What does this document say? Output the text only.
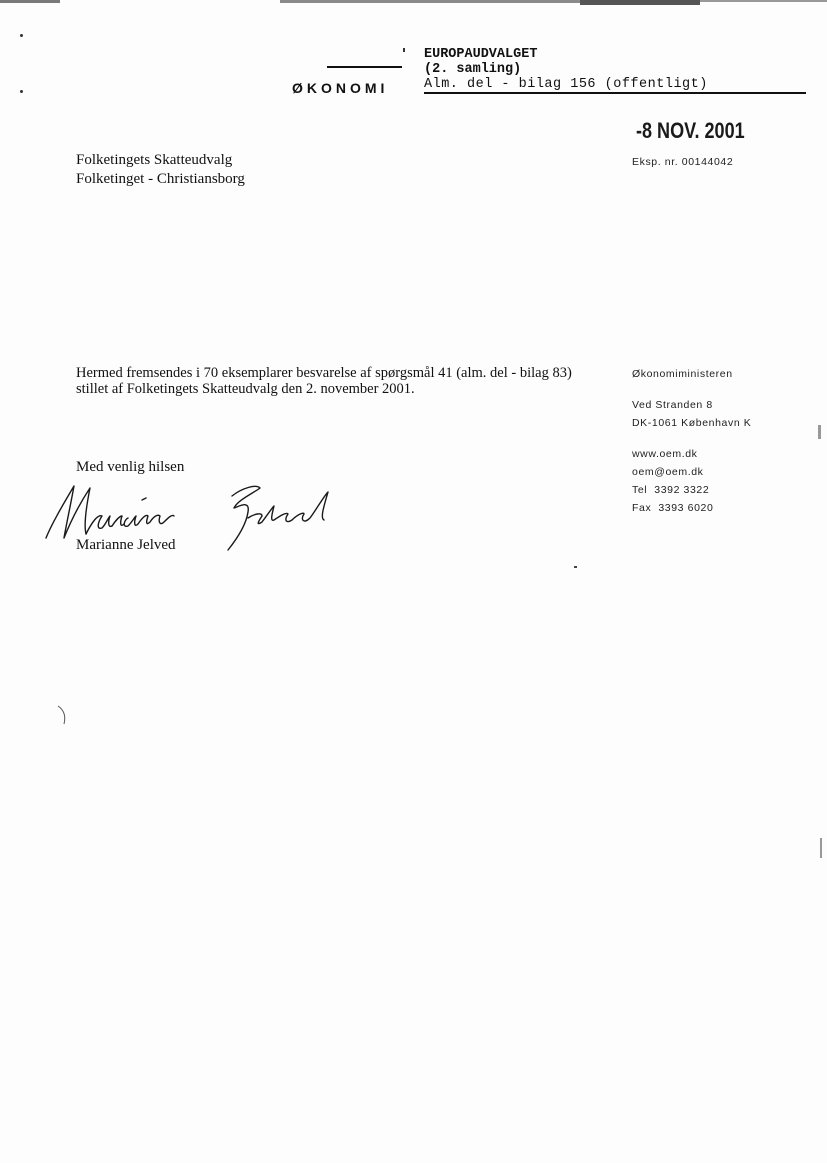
ØKONOMI
EUROPAUDVALGET
(2. samling)
Alm. del - bilag 156 (offentligt)
-8 NOV. 2001
Eksp. nr. 00144042
Folketingets Skatteudvalg
Folketinget - Christiansborg
Hermed fremsendes i 70 eksemplarer besvarelse af spørgsmål 41 (alm. del - bilag 83) stillet af Folketingets Skatteudvalg den 2. november 2001.
Økonomiministeren
Ved Stranden 8
DK-1061 København K
www.oem.dk
oem@oem.dk
Tel 3392 3322
Fax 3393 6020
Med venlig hilsen
Marianne Jelved
